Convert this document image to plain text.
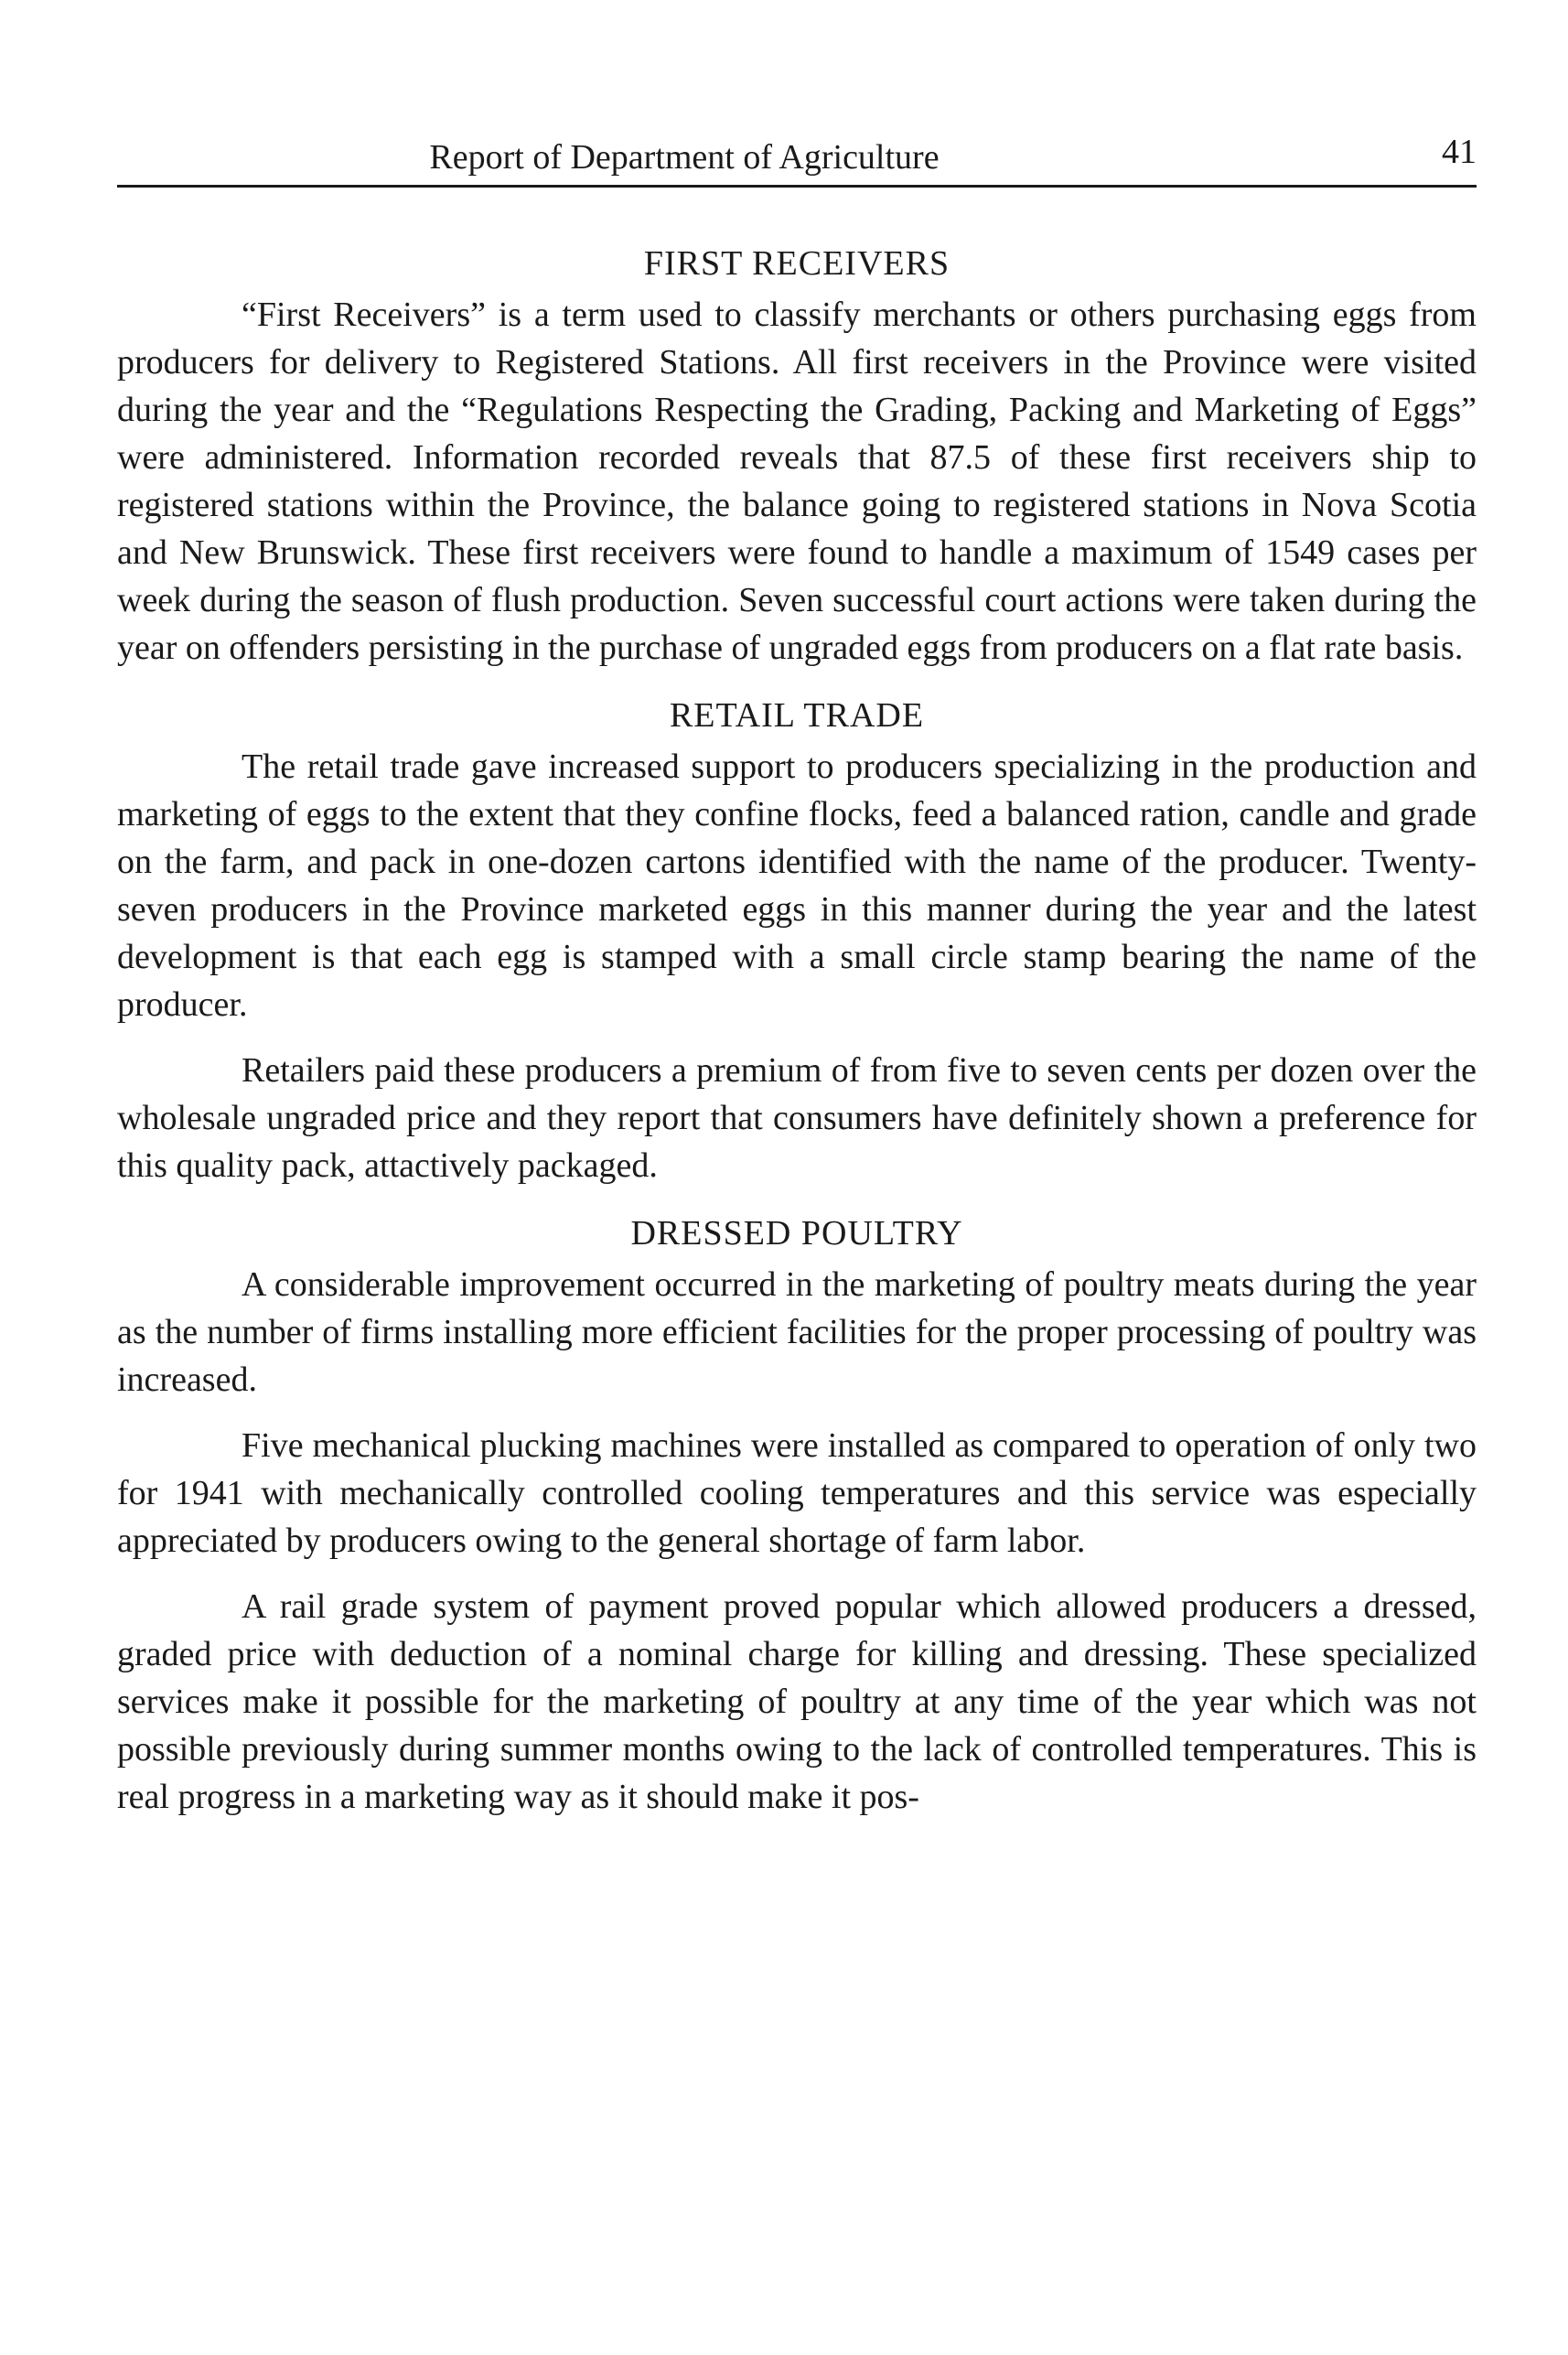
Report of Department of Agriculture	41
FIRST RECEIVERS

“First Receivers” is a term used to classify merchants or others purchasing eggs from producers for delivery to Registered Stations. All first receivers in the Province were visited during the year and the “Regulations Respecting the Grading, Packing and Marketing of Eggs” were administered. Information recorded reveals that 87.5 of these first receivers ship to registered stations within the Province, the balance going to registered stations in Nova Scotia and New Brunswick. These first receivers were found to handle a maximum of 1549 cases per week during the season of flush production. Seven successful court actions were taken during the year on offenders persisting in the purchase of ungraded eggs from producers on a flat rate basis.

RETAIL TRADE

The retail trade gave increased support to producers specializing in the production and marketing of eggs to the extent that they confine flocks, feed a balanced ration, candle and grade on the farm, and pack in one-dozen cartons identified with the name of the producer. Twenty-seven producers in the Province marketed eggs in this manner during the year and the latest development is that each egg is stamped with a small circle stamp bearing the name of the producer.

Retailers paid these producers a premium of from five to seven cents per dozen over the wholesale ungraded price and they report that consumers have definitely shown a preference for this quality pack, attactively packaged.

DRESSED POULTRY

A considerable improvement occurred in the marketing of poultry meats during the year as the number of firms installing more efficient facilities for the proper processing of poultry was increased.

Five mechanical plucking machines were installed as compared to operation of only two for 1941 with mechanically controlled cooling temperatures and this service was especially appreciated by producers owing to the general shortage of farm labor.

A rail grade system of payment proved popular which allowed producers a dressed, graded price with deduction of a nominal charge for killing and dressing. These specialized services make it possible for the marketing of poultry at any time of the year which was not possible previously during summer months owing to the lack of controlled temperatures. This is real progress in a marketing way as it should make it pos-
